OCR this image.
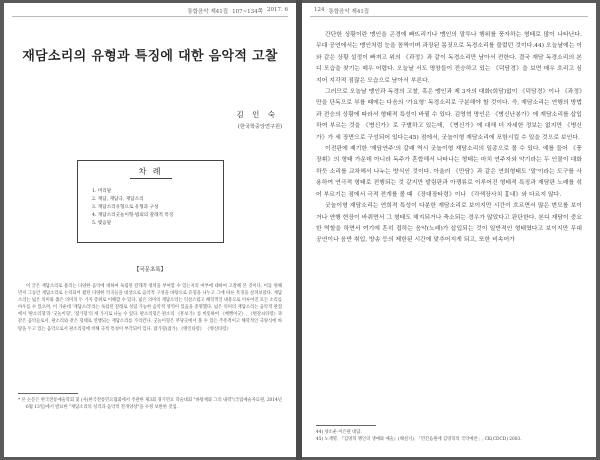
통합음악 제41집 107~134쪽 2017. 6
재담소리의 유형과 특징에 대한 음악적 고찰
김 인 숙
(한국학중앙연구원)
차 례
1. 머리말
2. 재담, 재담극, 재담소리
3. 재담소리유형으로 유형과 구성
4. 재담소리굿놀이형-법외의 갈래적 특징
5. 맺음말
【국문초록】

이 글은 재담소리로 불리는 다양한 음악에 대하여 독립된 갈래적 영역을 부여할 수 있는지의 여부에 대하여 고찰해 본 것이다. 이를 위해 먼저 그동안 재담소리로 논의되어 왔던 다양한 악곡들을 대상으로 음악적 구성을 바탕으로 유형을 나누고 그에 따른 특징을 살펴보았다. 재담소리는 넓은 의미와 좁은 의미의 두 가지 층위로 이해할 수 있다. 넓은 의미의 재담소리는 익살스럽고 해학적인 내용으로 이루어진 모든 소리를 아우를 수 있으며, 이 가운데 '재담소리'라는 독립된 갈래로 성립 가능한 음악적 영역이 있음을 증명했다. 넓은 의미의 재담소리는 음악적 관점에서 '판소리형'과 '굿놀이형', '잡가형'의 세 가지로 나눌 수 있다. 판소리형은 판소리 《흥보가》를 비롯하여 《배뱅이굿》, 《변강쇠타령》과 같은 음악들로서, 판소리와 같은 형태로 연행되는 재담소리를 가리킨다. 굿놀이형은 무당굿에서 볼 수 있는 주흥적이고 해학적인 극양식에 바탕을 두고 있는 음악으로서 판소리형에 비해 극적 특성이 부각되어 있다. 잡가형(잡가) 《맹인타령》 《병신타령》

* 본 논문은 한국전통예술학회 및 (사)한국전통민요협회에서 주관한 제3회 경기민요 학술대회 "바탕재와 그의 내력"(국립예술자료원, 2014년 6월 13일)에서 발표한 "재담소리의 성격과 음악적 전개양상"을 수정 보완한 것임.

124 통합음악 제41집

간단한 상황이란 맹인을 곤경에 빠뜨리기나 맹인의 말투나 행위를 풍자하는 형태로 많이 나타난다. 무대 공연에서는 맹인처럼 눈을 꼼짝이며 과장된 몸짓으로 독경소리를 불렀던 것이다.44) 오늘날에는 이와 같은 상황 설정이 빠져고 위의 《과정》과 같이 독경소리만 남아서 전한다. 결국 재담 독경소리의 본디 모습을 찾기는 매우 어렵다. 오늘날 서도 명창들이 전승하고 있는 《덕담경》을 보면 매우 흐리고 심지어 지각적 점잖은 모습으로 남아서 부른다.

그러므로 오늘날 맹인과 독경의 고찰, 혹은 맹인과 제 3자의 대화(희담)없이 《덕담경》이나 《과정》만을 단독으로 부를 때에는 다음의 '가요형' 독경소리로 구분해야 할 것이다. 즉, 재담소리는 연행의 방법과 전승의 상황에 따라서 형태적 특성이 바뀔 수 있다. 김영혁 명인은 《병신난봉가》에 재담소리를 삽입하여 부르는 것을 《병신가》로 구별하고 있는데, 《병신가》에 대해 더 자세한 정보는 없지만 《병신가》가 세 장면으로 구성되어 있다는45) 점에서, 굿놀이형 재담소리에 포함시킬 수 있을 것으로 보인다.

이전판에 제기한 '재담연주'의 갈래 역시 굿놀이형 재담소리의 일종으로 볼 수 있다. 예를 들어 《풍장휘》의 형태 가운데 아니라 독주가 혼합해서 나타나는 형태는 마치 연주자와 악기라는 두 인물이 대화하듯 소리를 교차해서 나누는 방식인 것이다. 아울러 《만담》과 같은 연희형태도 '말'이라는 도구를 사용하여 연극적 형태로 전행되는 것 같지만 발림판과 아쟁류로 이루어진 형태적 특징과 재담판 노래를 섞어 부르기는 점에서 극적 전개를 볼 때 《장대장타령》이나 《각색장사치 흉내》와 다르지 않다.

굿놀이형 재담소리는 연희적 특성이 다분한 재담소리로 보이지만 시간이 흐르면서 많은 변모를 보이거나 연행 현장이 바뀌면서 그 형태도 해지되거나 축소되는 경우가 많았다고 판단한다. 본디 재담이 중요한 역할을 하면서 여기에 흔히 접하는 음악(노래)가 삽입되는 것이 일반적인 형태였다고 보이지만 무대 공연이나 음반 취입, 방송 등의 제한된 시간에 맞추어지게 되고, 또한 비속어가

44) 양소운·이은관 대담.
45) 노재명, 『김영혁 맹인의 생애와 예술』(해설지), 「민간음원에 김영혁의 국악예찬」, CK(CDCD) 2003.
